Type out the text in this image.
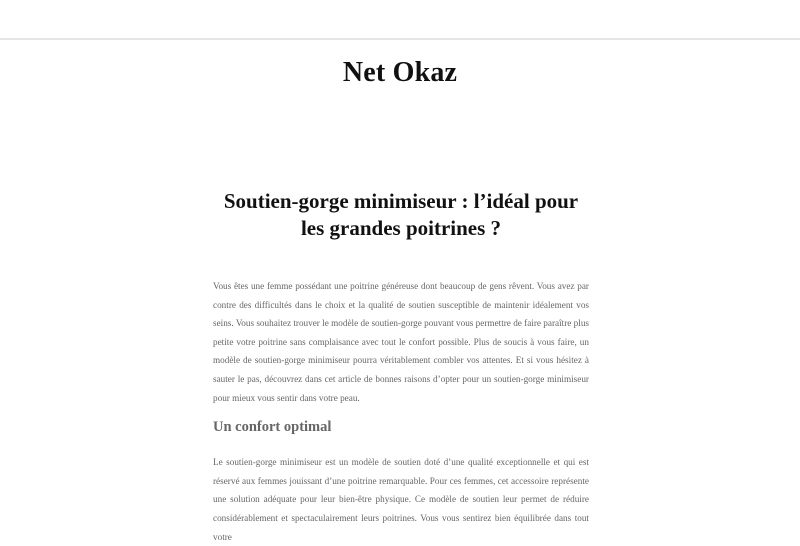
Net Okaz
Soutien-gorge minimiseur : l’idéal pour les grandes poitrines ?

Vous êtes une femme possédant une poitrine généreuse dont beaucoup de gens rêvent. Vous avez par contre des difficultés dans le choix et la qualité de soutien susceptible de maintenir idéalement vos seins. Vous souhaitez trouver le modèle de soutien-gorge pouvant vous permettre de faire paraître plus petite votre poitrine sans complaisance avec tout le confort possible. Plus de soucis à vous faire, un modèle de soutien-gorge minimiseur pourra véritablement combler vos attentes. Et si vous hésitez à sauter le pas, découvrez dans cet article de bonnes raisons d’opter pour un soutien-gorge minimiseur pour mieux vous sentir dans votre peau.

Un confort optimal

Le soutien-gorge minimiseur est un modèle de soutien doté d’une qualité exceptionnelle et qui est réservé aux femmes jouissant d’une poitrine remarquable. Pour ces femmes, cet accessoire représente une solution adéquate pour leur bien-être physique. Ce modèle de soutien leur permet de réduire considérablement et spectaculairement leurs poitrines. Vous vous sentirez bien équilibrée dans tout votre
